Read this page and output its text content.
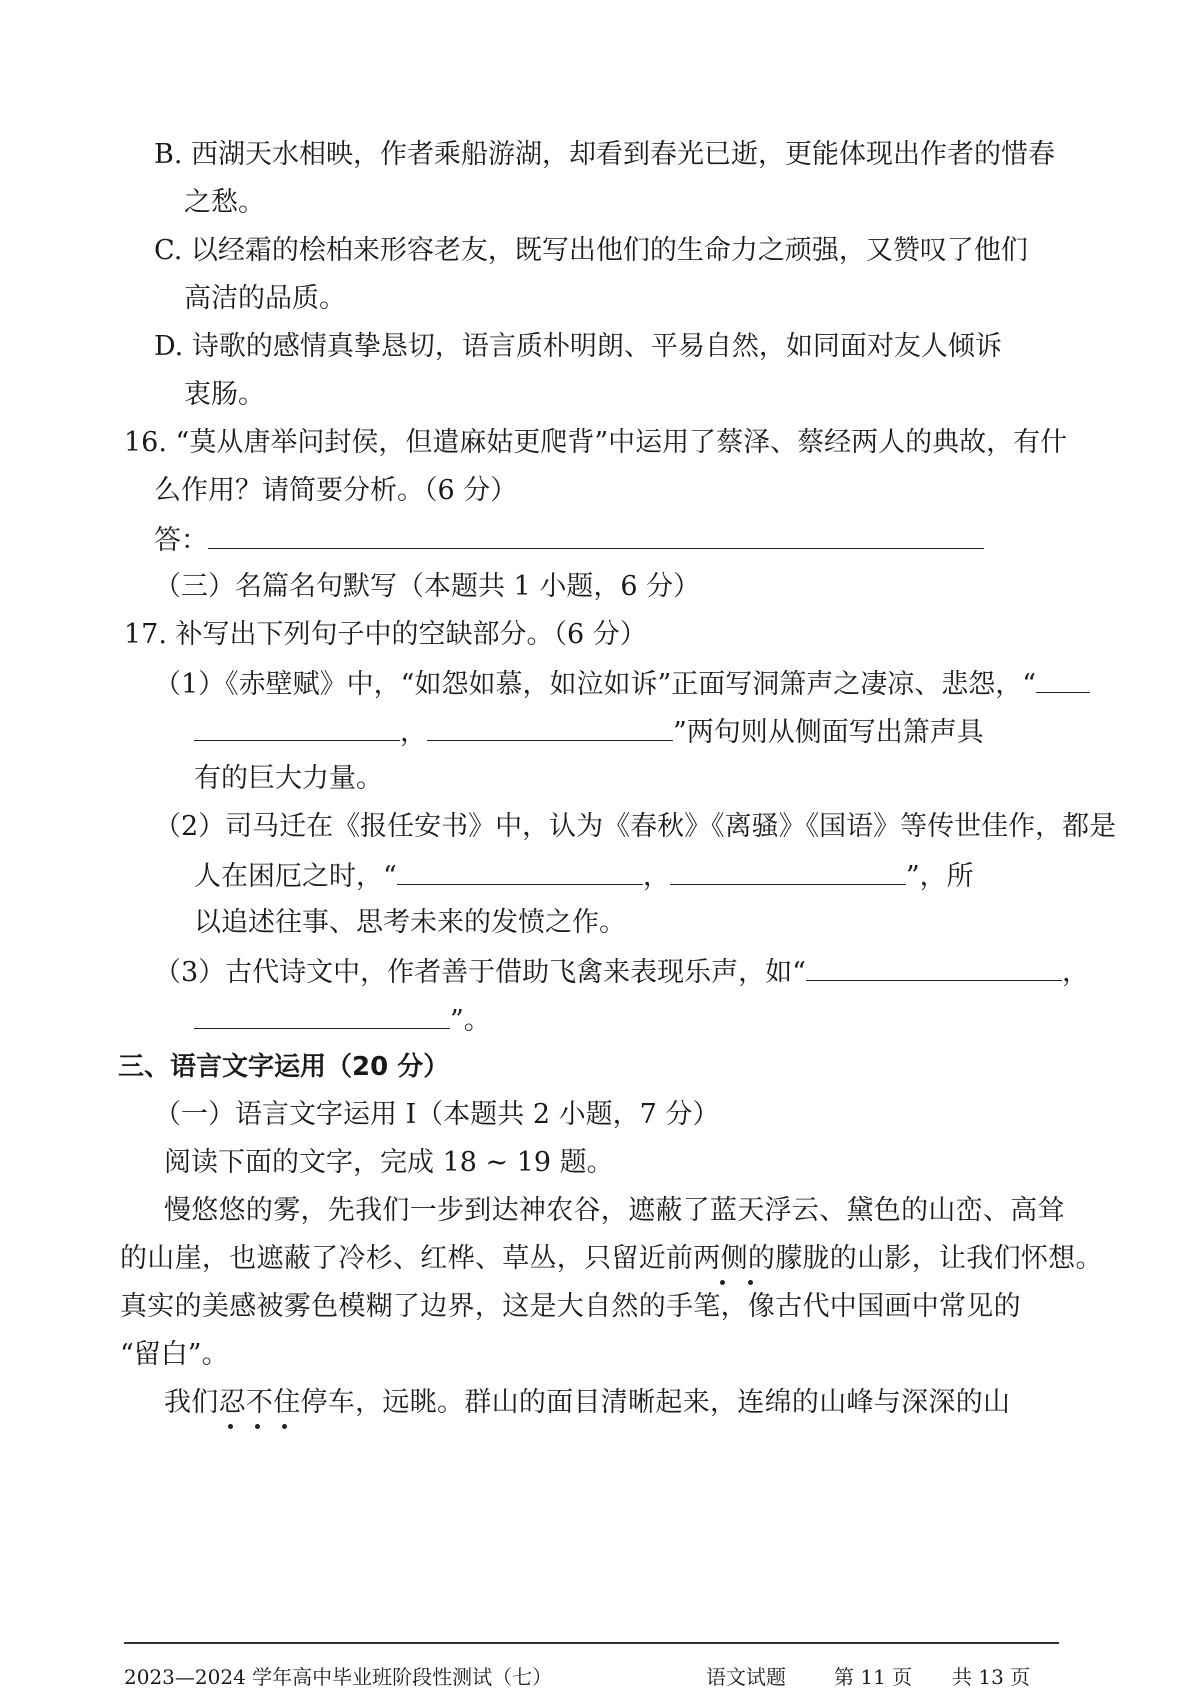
B. 西湖天水相映，作者乘船游湖，却看到春光已逝，更能体现出作者的惜春
之愁。
C. 以经霜的桧柏来形容老友，既写出他们的生命力之顽强，又赞叹了他们
高洁的品质。
D. 诗歌的感情真挚恳切，语言质朴明朗、平易自然，如同面对友人倾诉
衷肠。
16. “莫从唐举问封侯，但遣麻姑更爬背”中运用了蔡泽、蔡经两人的典故，有什
么作用？请简要分析。（6 分）
答：
（三）名篇名句默写（本题共 1 小题，6 分）
17. 补写出下列句子中的空缺部分。（6 分）
（1）《赤壁赋》中，“如怨如慕，如泣如诉”正面写洞箫声之凄凉、悲怨，“
，	”两句则从侧面写出箫声具
有的巨大力量。
（2）司马迁在《报任安书》中，认为《春秋》《离骚》《国语》等传世佳作，都是
人在困厄之时，“	，	”，所
以追述往事、思考未来的发愤之作。
（3）古代诗文中，作者善于借助飞禽来表现乐声，如“	，
”。
三、语言文字运用（20 分）
（一）语言文字运用 Ⅰ（本题共 2 小题，7 分）
阅读下面的文字，完成 18 ~ 19 题。
慢悠悠的雾，先我们一步到达神农谷，遮蔽了蓝天浮云、黛色的山峦、高耸
的山崖，也遮蔽了冷杉、红桦、草丛，只留近前两侧的朦胧的山影，让我们怀想。
真实的美感被雾色模糊了边界，这是大自然的手笔，像古代中国画中常见的
“留白”。
我们忍不住停车，远眺。群山的面目清晰起来，连绵的山峰与深深的山
2023—2024 学年高中毕业班阶段性测试（七）	语文试题 第 11 页 共 13 页
